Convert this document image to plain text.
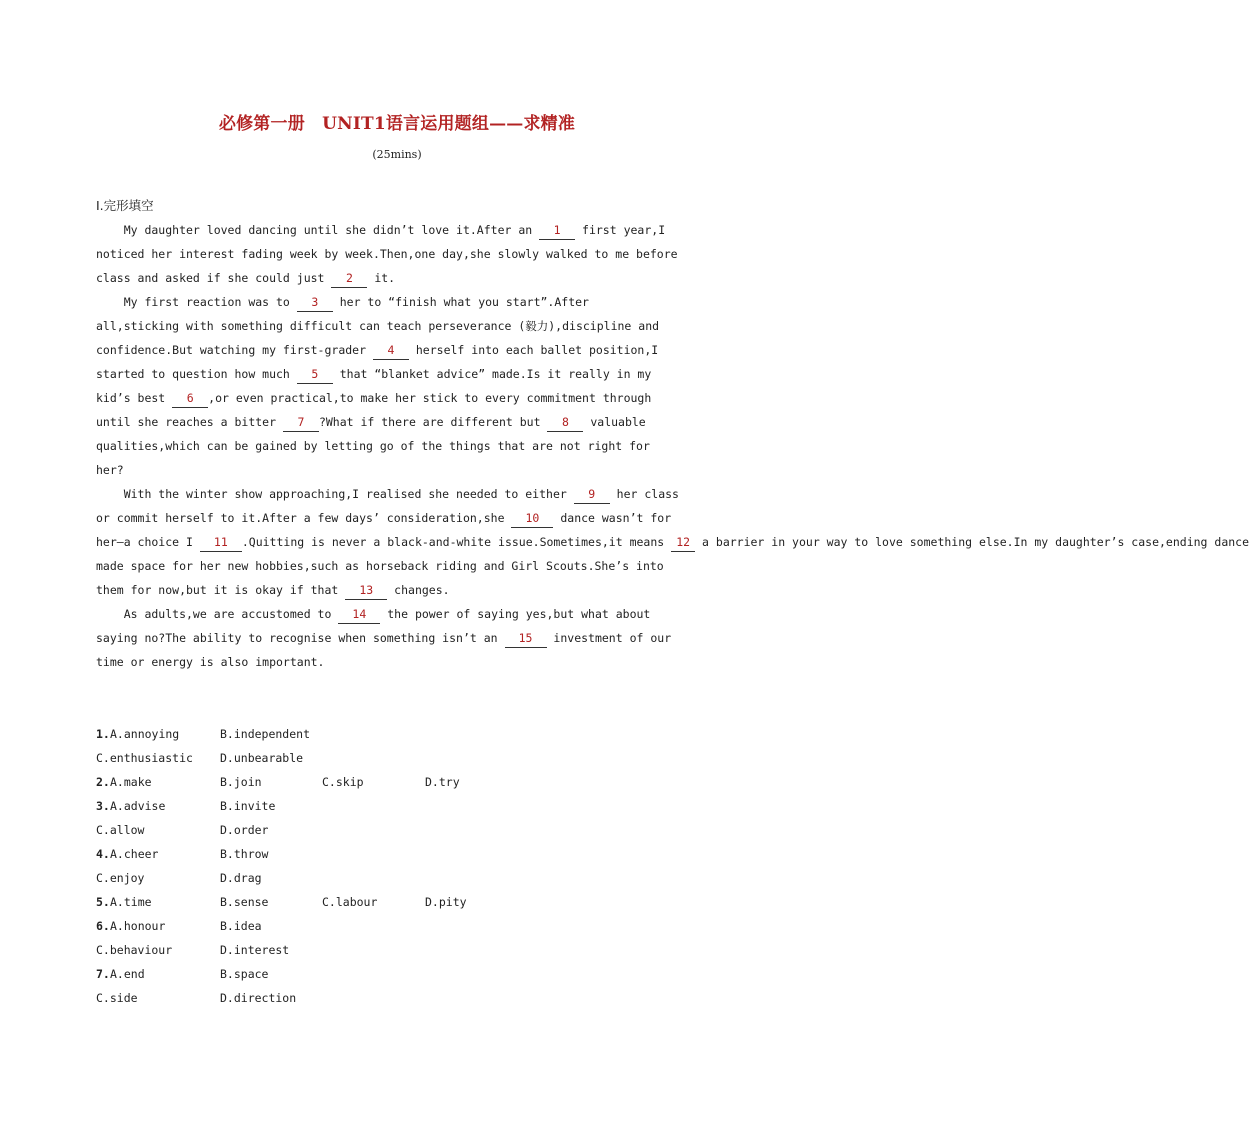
必修第一册　UNIT1语言运用题组——求精准
(25mins)
Ⅰ.完形填空
My daughter loved dancing until she didn’t love it.After an 1 first year,I
noticed her interest fading week by week.Then,one day,she slowly walked to me before
class and asked if she could just 2 it.
My first reaction was to 3 her to “finish what you start”.After
all,sticking with something difficult can teach perseverance (毅力),discipline and
confidence.But watching my first-grader 4 herself into each ballet position,I
started to question how much 5 that “blanket advice” made.Is it really in my
kid’s best 6 ,or even practical,to make her stick to every commitment through
until she reaches a bitter 7 ?What if there are different but 8 valuable
qualities,which can be gained by letting go of the things that are not right for
her?
With the winter show approaching,I realised she needed to either 9 her class
or commit herself to it.After a few days’ consideration,she 10 dance wasn’t for
her—a choice I 11 .Quitting is never a black-and-white issue.Sometimes,it means 12 a barrier in your way to love something else.In my daughter’s case,ending dance
made space for her new hobbies,such as horseback riding and Girl Scouts.She’s into
them for now,but it is okay if that 13 changes.
As adults,we are accustomed to 14 the power of saying yes,but what about
saying no?The ability to recognise when something isn’t an 15 investment of our
time or energy is also important.
1. A.annoying	B.independent
C.enthusiastic D.unbearable
2. A.make	B.join	C.skip	D.try
3. A.advise	B.invite
C.allow	D.order
4. A.cheer	B.throw
C.enjoy	D.drag
5. A.time	B.sense	C.labour	D.pity
6. A.honour	B.idea
C.behaviour	D.interest
7. A.end	B.space
C.side	D.direction
